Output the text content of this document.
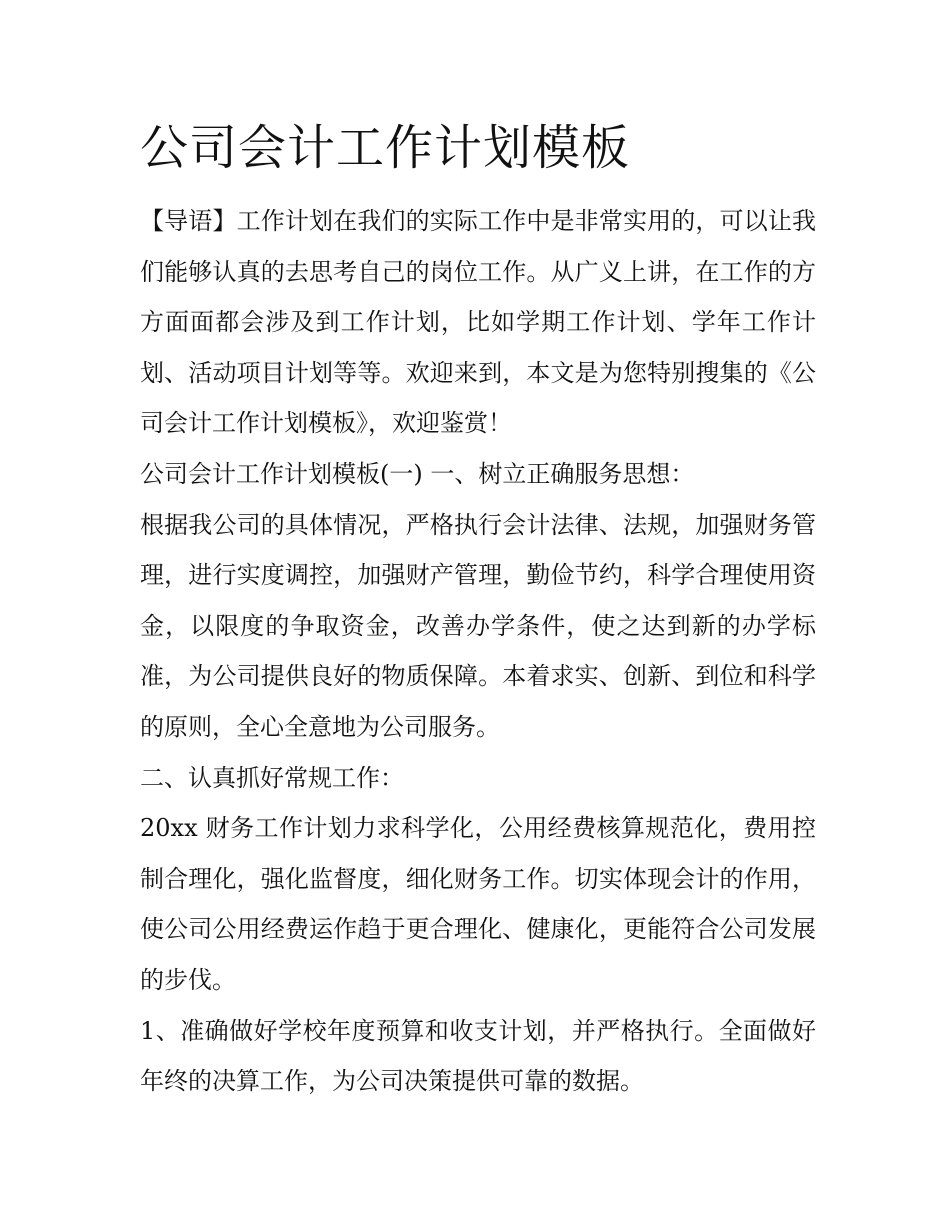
公司会计工作计划模板

【导语】工作计划在我们的实际工作中是非常实用的，可以让我们能够认真的去思考自己的岗位工作。从广义上讲，在工作的方方面面都会涉及到工作计划，比如学期工作计划、学年工作计划、活动项目计划等等。欢迎来到，本文是为您特别搜集的《公司会计工作计划模板》，欢迎鉴赏！

公司会计工作计划模板(一) 一、树立正确服务思想：

根据我公司的具体情况，严格执行会计法律、法规，加强财务管理，进行实度调控，加强财产管理，勤俭节约，科学合理使用资金，以限度的争取资金，改善办学条件，使之达到新的办学标准，为公司提供良好的物质保障。本着求实、创新、到位和科学的原则，全心全意地为公司服务。

二、认真抓好常规工作：

20xx 财务工作计划力求科学化，公用经费核算规范化，费用控制合理化，强化监督度，细化财务工作。切实体现会计的作用，使公司公用经费运作趋于更合理化、健康化，更能符合公司发展的步伐。

1、准确做好学校年度预算和收支计划，并严格执行。全面做好年终的决算工作，为公司决策提供可靠的数据。
